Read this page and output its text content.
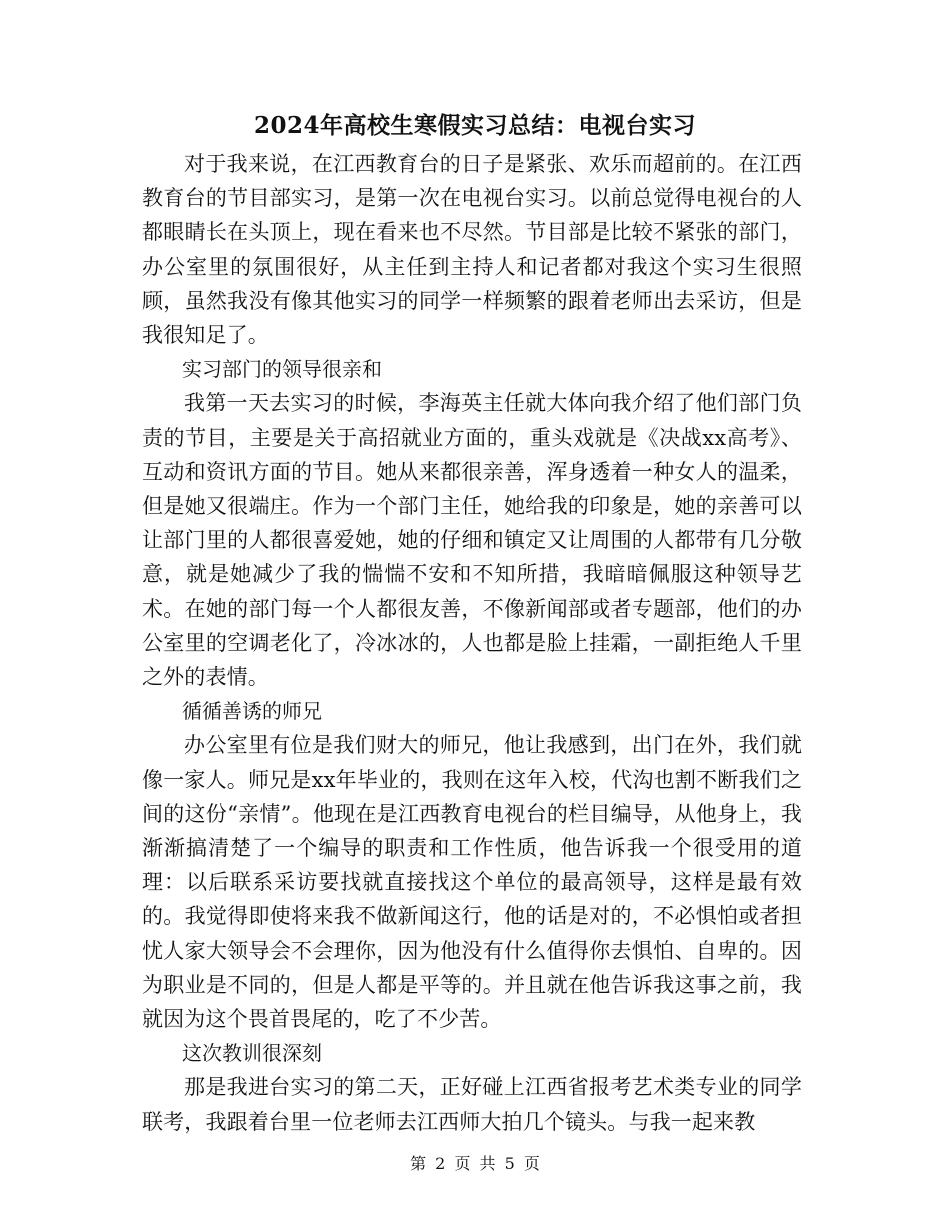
2024年高校生寒假实习总结：电视台实习

对于我来说，在江西教育台的日子是紧张、欢乐而超前的。在江西教育台的节目部实习，是第一次在电视台实习。以前总觉得电视台的人都眼睛长在头顶上，现在看来也不尽然。节目部是比较不紧张的部门，办公室里的氛围很好，从主任到主持人和记者都对我这个实习生很照顾，虽然我没有像其他实习的同学一样频繁的跟着老师出去采访，但是我很知足了。

实习部门的领导很亲和

我第一天去实习的时候，李海英主任就大体向我介绍了他们部门负责的节目，主要是关于高招就业方面的，重头戏就是《决战xx高考》、互动和资讯方面的节目。她从来都很亲善，浑身透着一种女人的温柔，但是她又很端庄。作为一个部门主任，她给我的印象是，她的亲善可以让部门里的人都很喜爱她，她的仔细和镇定又让周围的人都带有几分敬意，就是她减少了我的惴惴不安和不知所措，我暗暗佩服这种领导艺术。在她的部门每一个人都很友善，不像新闻部或者专题部，他们的办公室里的空调老化了，冷冰冰的，人也都是脸上挂霜，一副拒绝人千里之外的表情。

循循善诱的师兄

办公室里有位是我们财大的师兄，他让我感到，出门在外，我们就像一家人。师兄是xx年毕业的，我则在这年入校，代沟也割不断我们之间的这份“亲情”。他现在是江西教育电视台的栏目编导，从他身上，我渐渐搞清楚了一个编导的职责和工作性质，他告诉我一个很受用的道理：以后联系采访要找就直接找这个单位的最高领导，这样是最有效的。我觉得即使将来我不做新闻这行，他的话是对的，不必惧怕或者担忧人家大领导会不会理你，因为他没有什么值得你去惧怕、自卑的。因为职业是不同的，但是人都是平等的。并且就在他告诉我这事之前，我就因为这个畏首畏尾的，吃了不少苦。

这次教训很深刻

那是我进台实习的第二天，正好碰上江西省报考艺术类专业的同学联考，我跟着台里一位老师去江西师大拍几个镜头。与我一起来教

第 2 页 共 5 页
